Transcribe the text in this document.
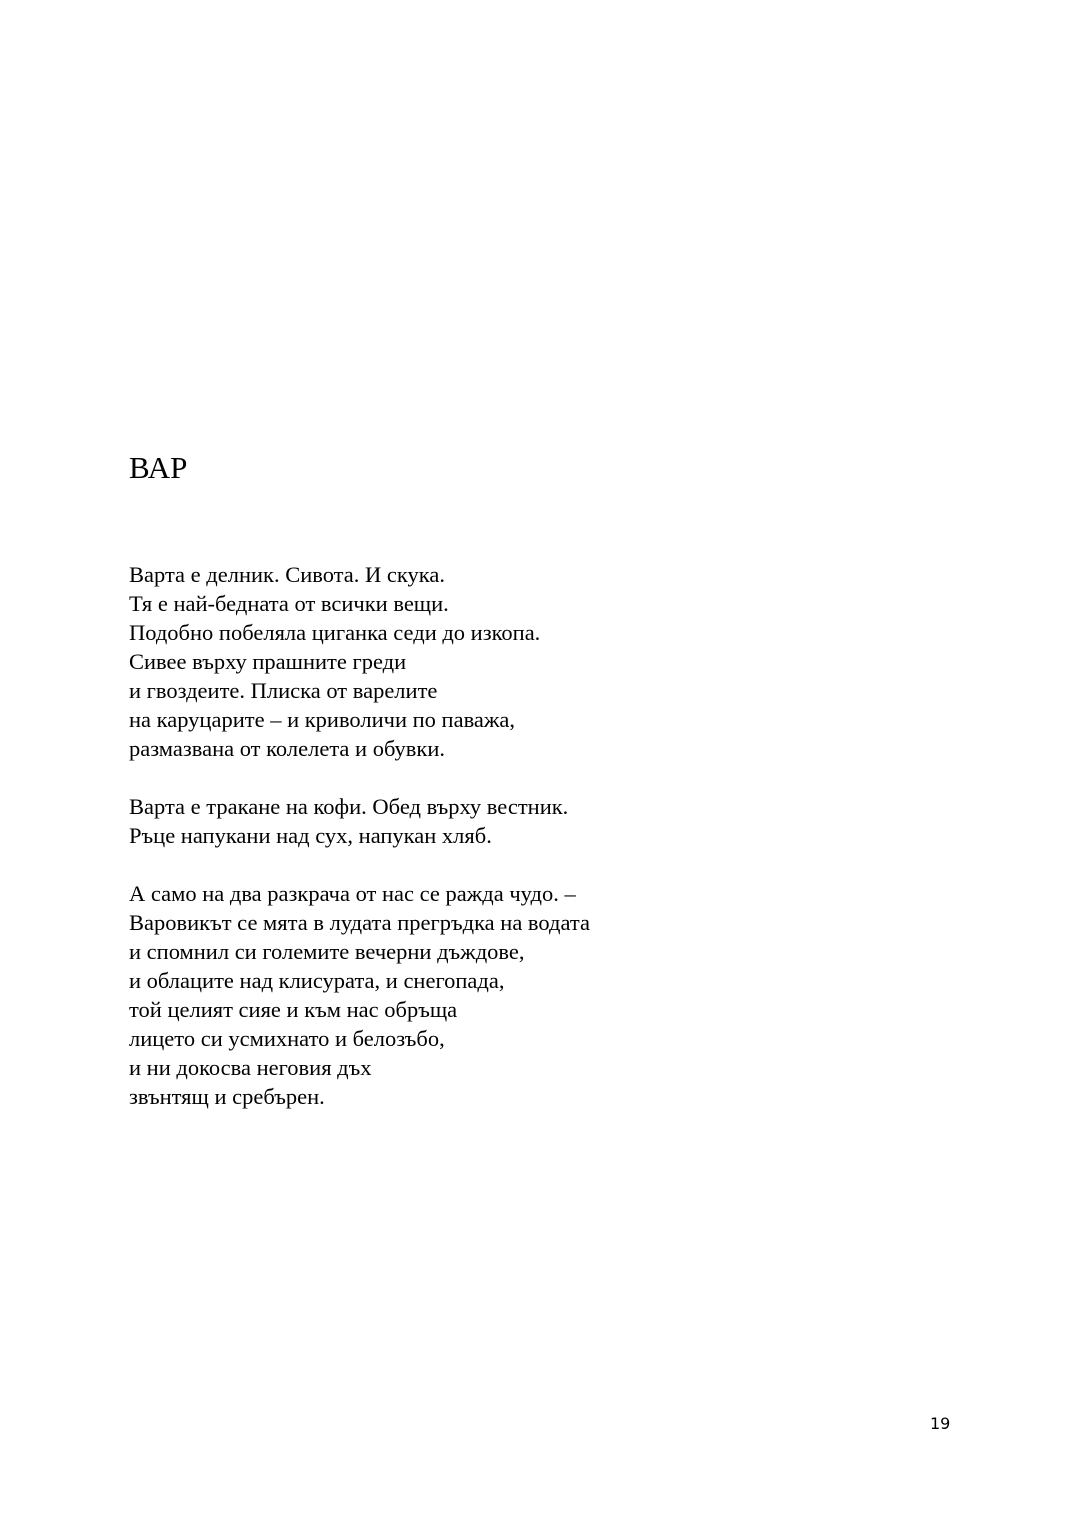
ВАР
Варта е делник. Сивота. И скука.
Тя е най-бедната от всички вещи.
Подобно побеляла циганка седи до изкопа.
Сивее върху прашните греди
и гвоздеите. Плиска от варелите
на каруцарите – и криволичи по паважа,
размазвана от колелета и обувки.
Варта е тракане на кофи. Обед върху вестник.
Ръце напукани над сух, напукан хляб.
А само на два разкрача от нас се ражда чудо. –
Варовикът се мята в лудата прегръдка на водата
и спомнил си големите вечерни дъждове,
и облаците над клисурата, и снегопада,
той целият сияе и към нас обръща
лицето си усмихнато и белозъбо,
и ни докосва неговия дъх
звънтящ и сребърен.
19
